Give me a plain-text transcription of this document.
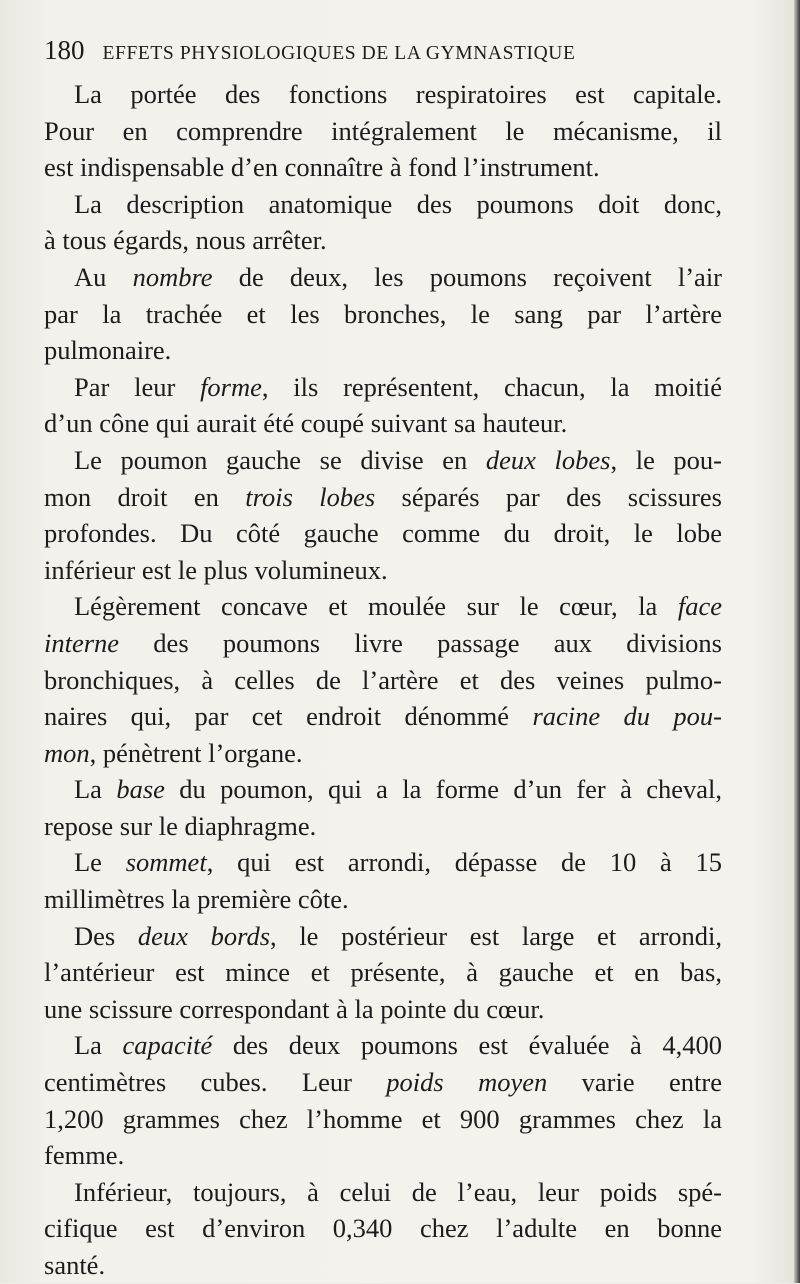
180 EFFETS PHYSIOLOGIQUES DE LA GYMNASTIQUE
La portée des fonctions respiratoires est capitale.
Pour en comprendre intégralement le mécanisme, il
est indispensable d’en connaître à fond l’instrument.
La description anatomique des poumons doit donc,
à tous égards, nous arrêter.
Au nombre de deux, les poumons reçoivent l’air
par la trachée et les bronches, le sang par l’artère
pulmonaire.
Par leur forme, ils représentent, chacun, la moitié
d’un cône qui aurait été coupé suivant sa hauteur.
Le poumon gauche se divise en deux lobes, le pou-
mon droit en trois lobes séparés par des scissures
profondes. Du côté gauche comme du droit, le lobe
inférieur est le plus volumineux.
Légèrement concave et moulée sur le cœur, la face
interne des poumons livre passage aux divisions
bronchiques, à celles de l’artère et des veines pulmo-
naires qui, par cet endroit dénommé racine du pou-
mon, pénètrent l’organe.
La base du poumon, qui a la forme d’un fer à cheval,
repose sur le diaphragme.
Le sommet, qui est arrondi, dépasse de 10 à 15
millimètres la première côte.
Des deux bords, le postérieur est large et arrondi,
l’antérieur est mince et présente, à gauche et en bas,
une scissure correspondant à la pointe du cœur.
La capacité des deux poumons est évaluée à 4,400
centimètres cubes. Leur poids moyen varie entre
1,200 grammes chez l’homme et 900 grammes chez la
femme.
Inférieur, toujours, à celui de l’eau, leur poids spé-
cifique est d’environ 0,340 chez l’adulte en bonne
santé.
